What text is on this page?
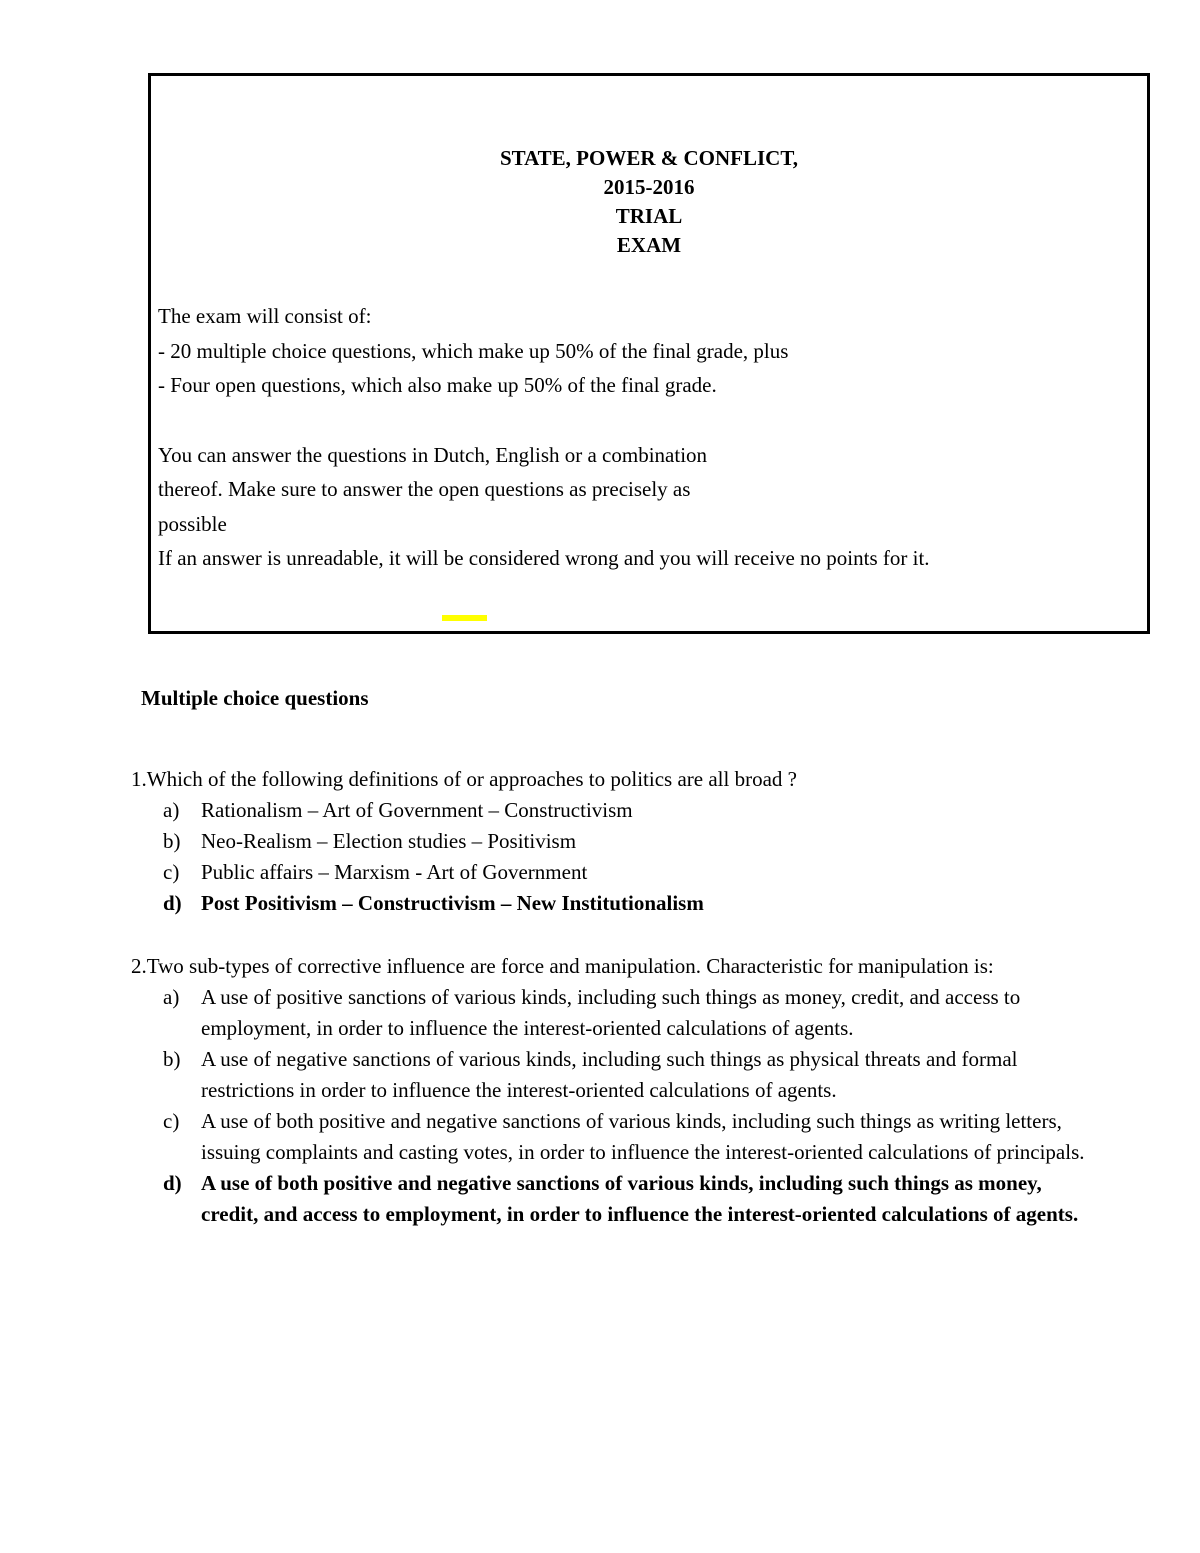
STATE, POWER & CONFLICT,
2015-2016
TRIAL
EXAM
The exam will consist of:
- 20 multiple choice questions, which make up 50% of the final grade, plus
- Four open questions, which also make up 50% of the final grade.
You can answer the questions in Dutch, English or a combination
thereof. Make sure to answer the open questions as precisely as
possible
If an answer is unreadable, it will be considered wrong and you will receive no points for it.
Multiple choice questions
1.Which of the following definitions of or approaches to politics are all broad ?
a) Rationalism – Art of Government – Constructivism
b) Neo-Realism – Election studies – Positivism
c) Public affairs – Marxism - Art of Government
d) Post Positivism – Constructivism – New Institutionalism
2.Two sub-types of corrective influence are force and manipulation. Characteristic for manipulation is:
a) A use of positive sanctions of various kinds, including such things as money, credit, and access to employment, in order to influence the interest-oriented calculations of agents.
b) A use of negative sanctions of various kinds, including such things as physical threats and formal restrictions in order to influence the interest-oriented calculations of agents.
c) A use of both positive and negative sanctions of various kinds, including such things as writing letters, issuing complaints and casting votes, in order to influence the interest-oriented calculations of principals.
d) A use of both positive and negative sanctions of various kinds, including such things as money, credit, and access to employment, in order to influence the interest-oriented calculations of agents.
